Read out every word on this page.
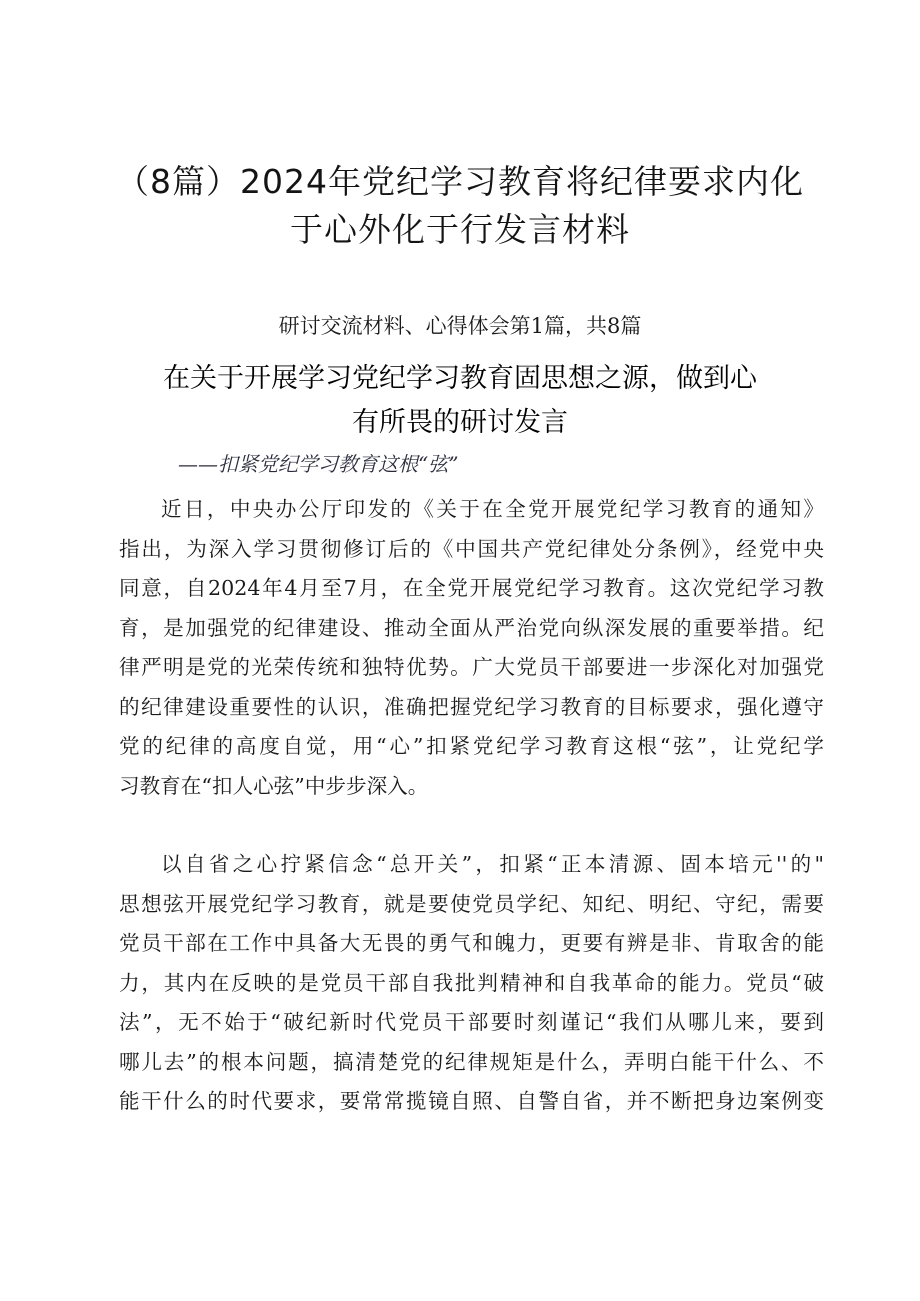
（8篇）2024年党纪学习教育将纪律要求内化
于心外化于行发言材料
研讨交流材料、心得体会第1篇，共8篇
在关于开展学习党纪学习教育固思想之源，做到心
有所畏的研讨发言
——扣紧党纪学习教育这根“弦”
近日，中央办公厅印发的《关于在全党开展党纪学习教育的通知》
指出，为深入学习贯彻修订后的《中国共产党纪律处分条例》，经党中央
同意，自2024年4月至7月，在全党开展党纪学习教育。这次党纪学习教
育，是加强党的纪律建设、推动全面从严治党向纵深发展的重要举措。纪
律严明是党的光荣传统和独特优势。广大党员干部要进一步深化对加强党
的纪律建设重要性的认识，准确把握党纪学习教育的目标要求，强化遵守
党的纪律的高度自觉，用“心”扣紧党纪学习教育这根“弦”，让党纪学
习教育在“扣人心弦”中步步深入。
以自省之心拧紧信念“总开关”，扣紧“正本清源、固本培元''的"
思想弦开展党纪学习教育，就是要使党员学纪、知纪、明纪、守纪，需要
党员干部在工作中具备大无畏的勇气和魄力，更要有辨是非、肯取舍的能
力，其内在反映的是党员干部自我批判精神和自我革命的能力。党员“破
法”，无不始于“破纪新时代党员干部要时刻谨记“我们从哪儿来，要到
哪儿去”的根本问题，搞清楚党的纪律规矩是什么，弄明白能干什么、不
能干什么的时代要求，要常常揽镜自照、自警自省，并不断把身边案例变
